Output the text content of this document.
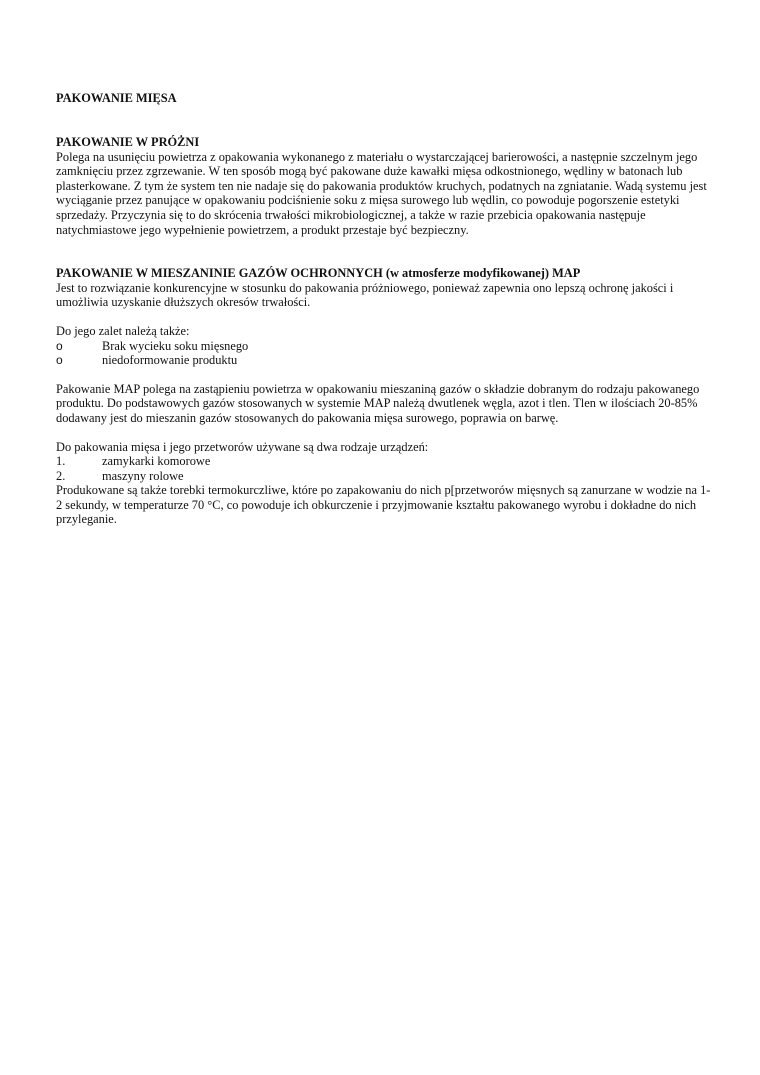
PAKOWANIE MIĘSA

PAKOWANIE W PRÓŻNI

Polega na usunięciu powietrza z opakowania wykonanego z materiału o wystarczającej barierowości, a następnie szczelnym jego zamknięciu przez zgrzewanie. W ten sposób mogą być pakowane duże kawałki mięsa odkostnionego, wędliny w batonach lub plasterkowane. Z tym że system ten nie nadaje się do pakowania produktów kruchych, podatnych na zgniatanie. Wadą systemu jest wyciąganie przez panujące w opakowaniu podciśnienie soku z mięsa surowego lub wędlin, co powoduje pogorszenie estetyki sprzedaży. Przyczynia się to do skrócenia trwałości mikrobiologicznej, a także w razie przebicia opakowania następuje natychmiastowe jego wypełnienie powietrzem, a produkt przestaje być bezpieczny.

PAKOWANIE W MIESZANINIE GAZÓW OCHRONNYCH (w atmosferze modyfikowanej) MAP

Jest to rozwiązanie konkurencyjne w stosunku do pakowania próżniowego, ponieważ zapewnia ono lepszą ochronę jakości i umożliwia uzyskanie dłuższych okresów trwałości.

Do jego zalet należą także:

o	Brak wycieku soku mięsnego
o	niedoformowanie produktu

Pakowanie MAP polega na zastąpieniu powietrza w opakowaniu mieszaniną gazów o składzie dobranym do rodzaju pakowanego produktu. Do podstawowych gazów stosowanych w systemie MAP należą dwutlenek węgla, azot i tlen. Tlen w ilościach 20-85% dodawany jest do mieszanin gazów stosowanych do pakowania mięsa surowego, poprawia on barwę.

Do pakowania mięsa i jego przetworów używane są dwa rodzaje urządzeń:

1.	zamykarki komorowe
2.	maszyny rolowe

Produkowane są także torebki termokurczliwe, które po zapakowaniu do nich p[przetworów mięsnych są zanurzane w wodzie na 1-2 sekundy, w temperaturze 70 °C, co powoduje ich obkurczenie i przyjmowanie kształtu pakowanego wyrobu i dokładne do nich przyleganie.
